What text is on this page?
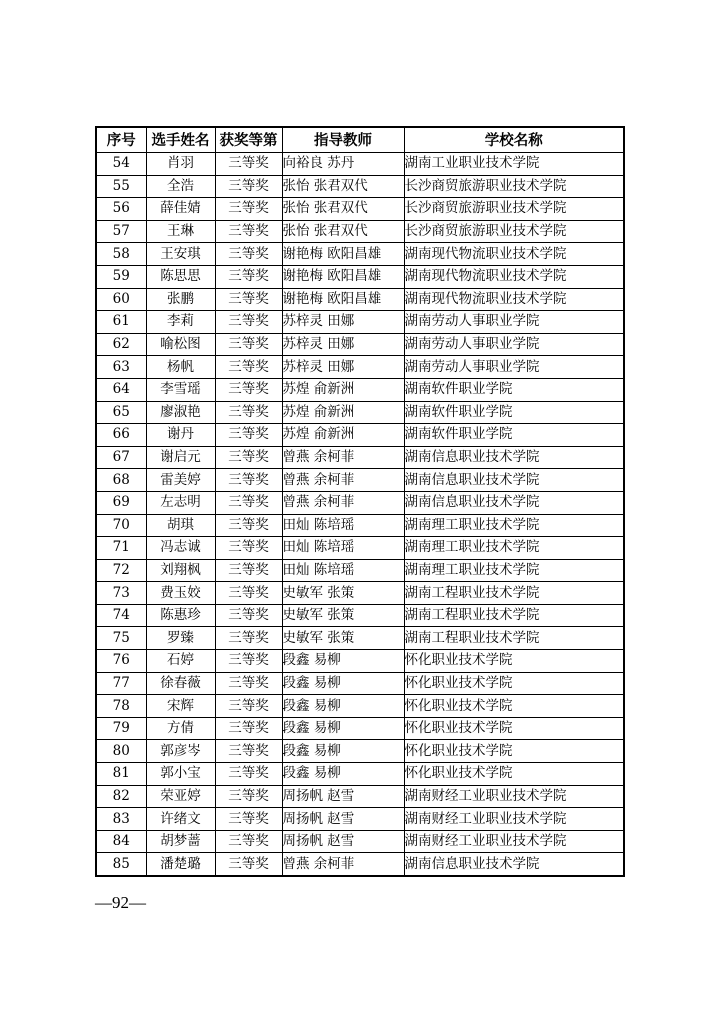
序号	选手姓名	获奖等第	指导教师	学校名称
54	肖羽	三等奖	向裕良 苏丹	湖南工业职业技术学院
55	全浩	三等奖	张怡 张君双代	长沙商贸旅游职业技术学院
56	薛佳婧	三等奖	张怡 张君双代	长沙商贸旅游职业技术学院
57	王琳	三等奖	张怡 张君双代	长沙商贸旅游职业技术学院
58	王安琪	三等奖	谢艳梅 欧阳昌雄	湖南现代物流职业技术学院
59	陈思思	三等奖	谢艳梅 欧阳昌雄	湖南现代物流职业技术学院
60	张鹏	三等奖	谢艳梅 欧阳昌雄	湖南现代物流职业技术学院
61	李莉	三等奖	苏梓灵 田娜	湖南劳动人事职业学院
62	喻松图	三等奖	苏梓灵 田娜	湖南劳动人事职业学院
63	杨帆	三等奖	苏梓灵 田娜	湖南劳动人事职业学院
64	李雪瑶	三等奖	苏煌 俞新洲	湖南软件职业学院
65	廖淑艳	三等奖	苏煌 俞新洲	湖南软件职业学院
66	谢丹	三等奖	苏煌 俞新洲	湖南软件职业学院
67	谢启元	三等奖	曾燕 余柯菲	湖南信息职业技术学院
68	雷美婷	三等奖	曾燕 余柯菲	湖南信息职业技术学院
69	左志明	三等奖	曾燕 余柯菲	湖南信息职业技术学院
70	胡琪	三等奖	田灿 陈培瑶	湖南理工职业技术学院
71	冯志诚	三等奖	田灿 陈培瑶	湖南理工职业技术学院
72	刘翔枫	三等奖	田灿 陈培瑶	湖南理工职业技术学院
73	费玉姣	三等奖	史敏军 张策	湖南工程职业技术学院
74	陈惠珍	三等奖	史敏军 张策	湖南工程职业技术学院
75	罗臻	三等奖	史敏军 张策	湖南工程职业技术学院
76	石婷	三等奖	段鑫 易柳	怀化职业技术学院
77	徐春薇	三等奖	段鑫 易柳	怀化职业技术学院
78	宋辉	三等奖	段鑫 易柳	怀化职业技术学院
79	方倩	三等奖	段鑫 易柳	怀化职业技术学院
80	郭彦岑	三等奖	段鑫 易柳	怀化职业技术学院
81	郭小宝	三等奖	段鑫 易柳	怀化职业技术学院
82	荣亚婷	三等奖	周扬帆 赵雪	湖南财经工业职业技术学院
83	许绪文	三等奖	周扬帆 赵雪	湖南财经工业职业技术学院
84	胡梦蔷	三等奖	周扬帆 赵雪	湖南财经工业职业技术学院
85	潘楚璐	三等奖	曾燕 余柯菲	湖南信息职业技术学院
—92—
